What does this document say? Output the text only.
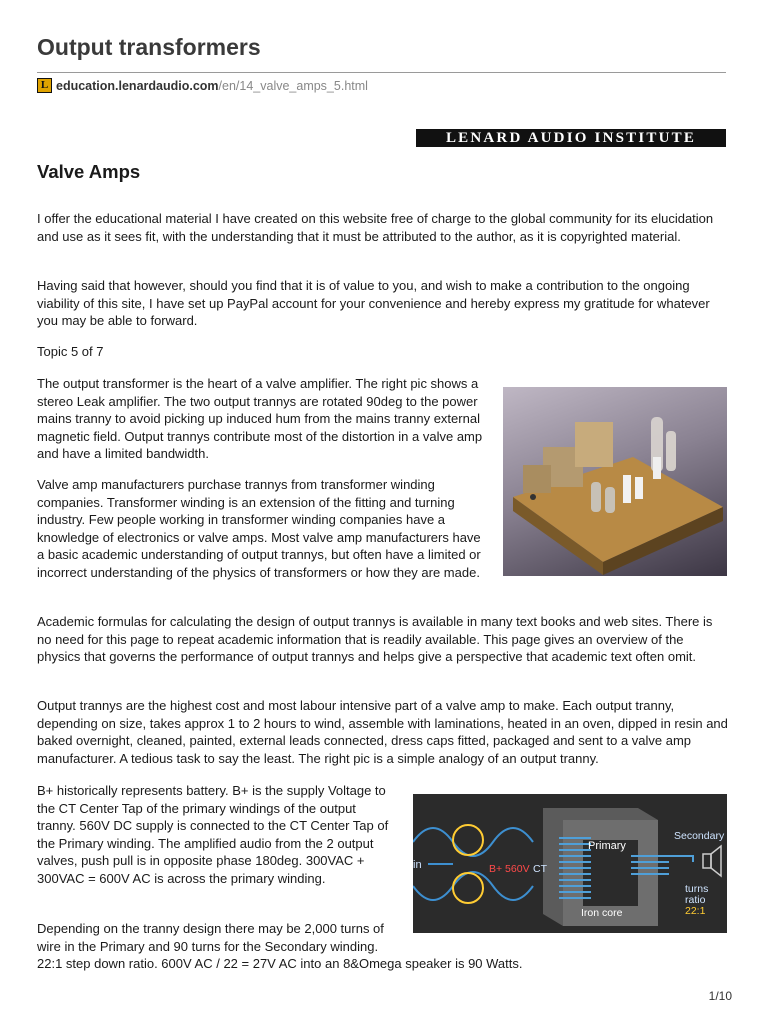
Output transformers
L education.lenardaudio.com /en/14_valve_amps_5.html
LENARD AUDIO INSTITUTE
Valve Amps

I offer the educational material I have created on this website free of charge to the global community for its elucidation and use as it sees fit, with the understanding that it must be attributed to the author, as it is copyrighted material.

Having said that however, should you find that it is of value to you, and wish to make a contribution to the ongoing viability of this site, I have set up PayPal account for your convenience and hereby express my gratitude for whatever you may be able to forward.

Topic 5 of 7

The output transformer is the heart of a valve amplifier. The right pic shows a stereo Leak amplifier. The two output trannys are rotated 90deg to the power mains tranny to avoid picking up induced hum from the mains tranny external magnetic field. Output trannys contribute most of the distortion in a valve amp and have a limited bandwidth.

Valve amp manufacturers purchase trannys from transformer winding companies. Transformer winding is an extension of the fitting and turning industry. Few people working in transformer winding companies have a knowledge of electronics or valve amps. Most valve amp manufacturers have a basic academic understanding of output trannys, but often have a limited or incorrect understanding of the physics of transformers or how they are made.

Academic formulas for calculating the design of output trannys is available in many text books and web sites. There is no need for this page to repeat academic information that is readily available. This page gives an overview of the physics that governs the performance of output trannys and helps give a perspective that academic text often omit.

Output trannys are the highest cost and most labour intensive part of a valve amp to make. Each output tranny, depending on size, takes approx 1 to 2 hours to wind, assemble with laminations, heated in an oven, dipped in resin and baked overnight, cleaned, painted, external leads connected, dress caps fitted, packaged and sent to a valve amp manufacturer. A tedious task to say the least. The right pic is a simple analogy of an output tranny.

B+ historically represents battery. B+ is the supply Voltage to the CT Center Tap of the primary windings of the output tranny. 560V DC supply is connected to the CT Center Tap of the Primary winding. The amplified audio from the 2 output valves, push pull is in opposite phase 180deg. 300VAC + 300VAC = 600V AC is across the primary winding.

Depending on the tranny design there may be 2,000 turns of wire in the Primary and 90 turns for the Secondary winding. 22:1 step down ratio. 600V AC / 22 = 27V AC into an 8&Omega speaker is 90 Watts.

in	B+ 560V CT
Primary
Secondary
Iron core
turns
ratio
22:1
1/10
